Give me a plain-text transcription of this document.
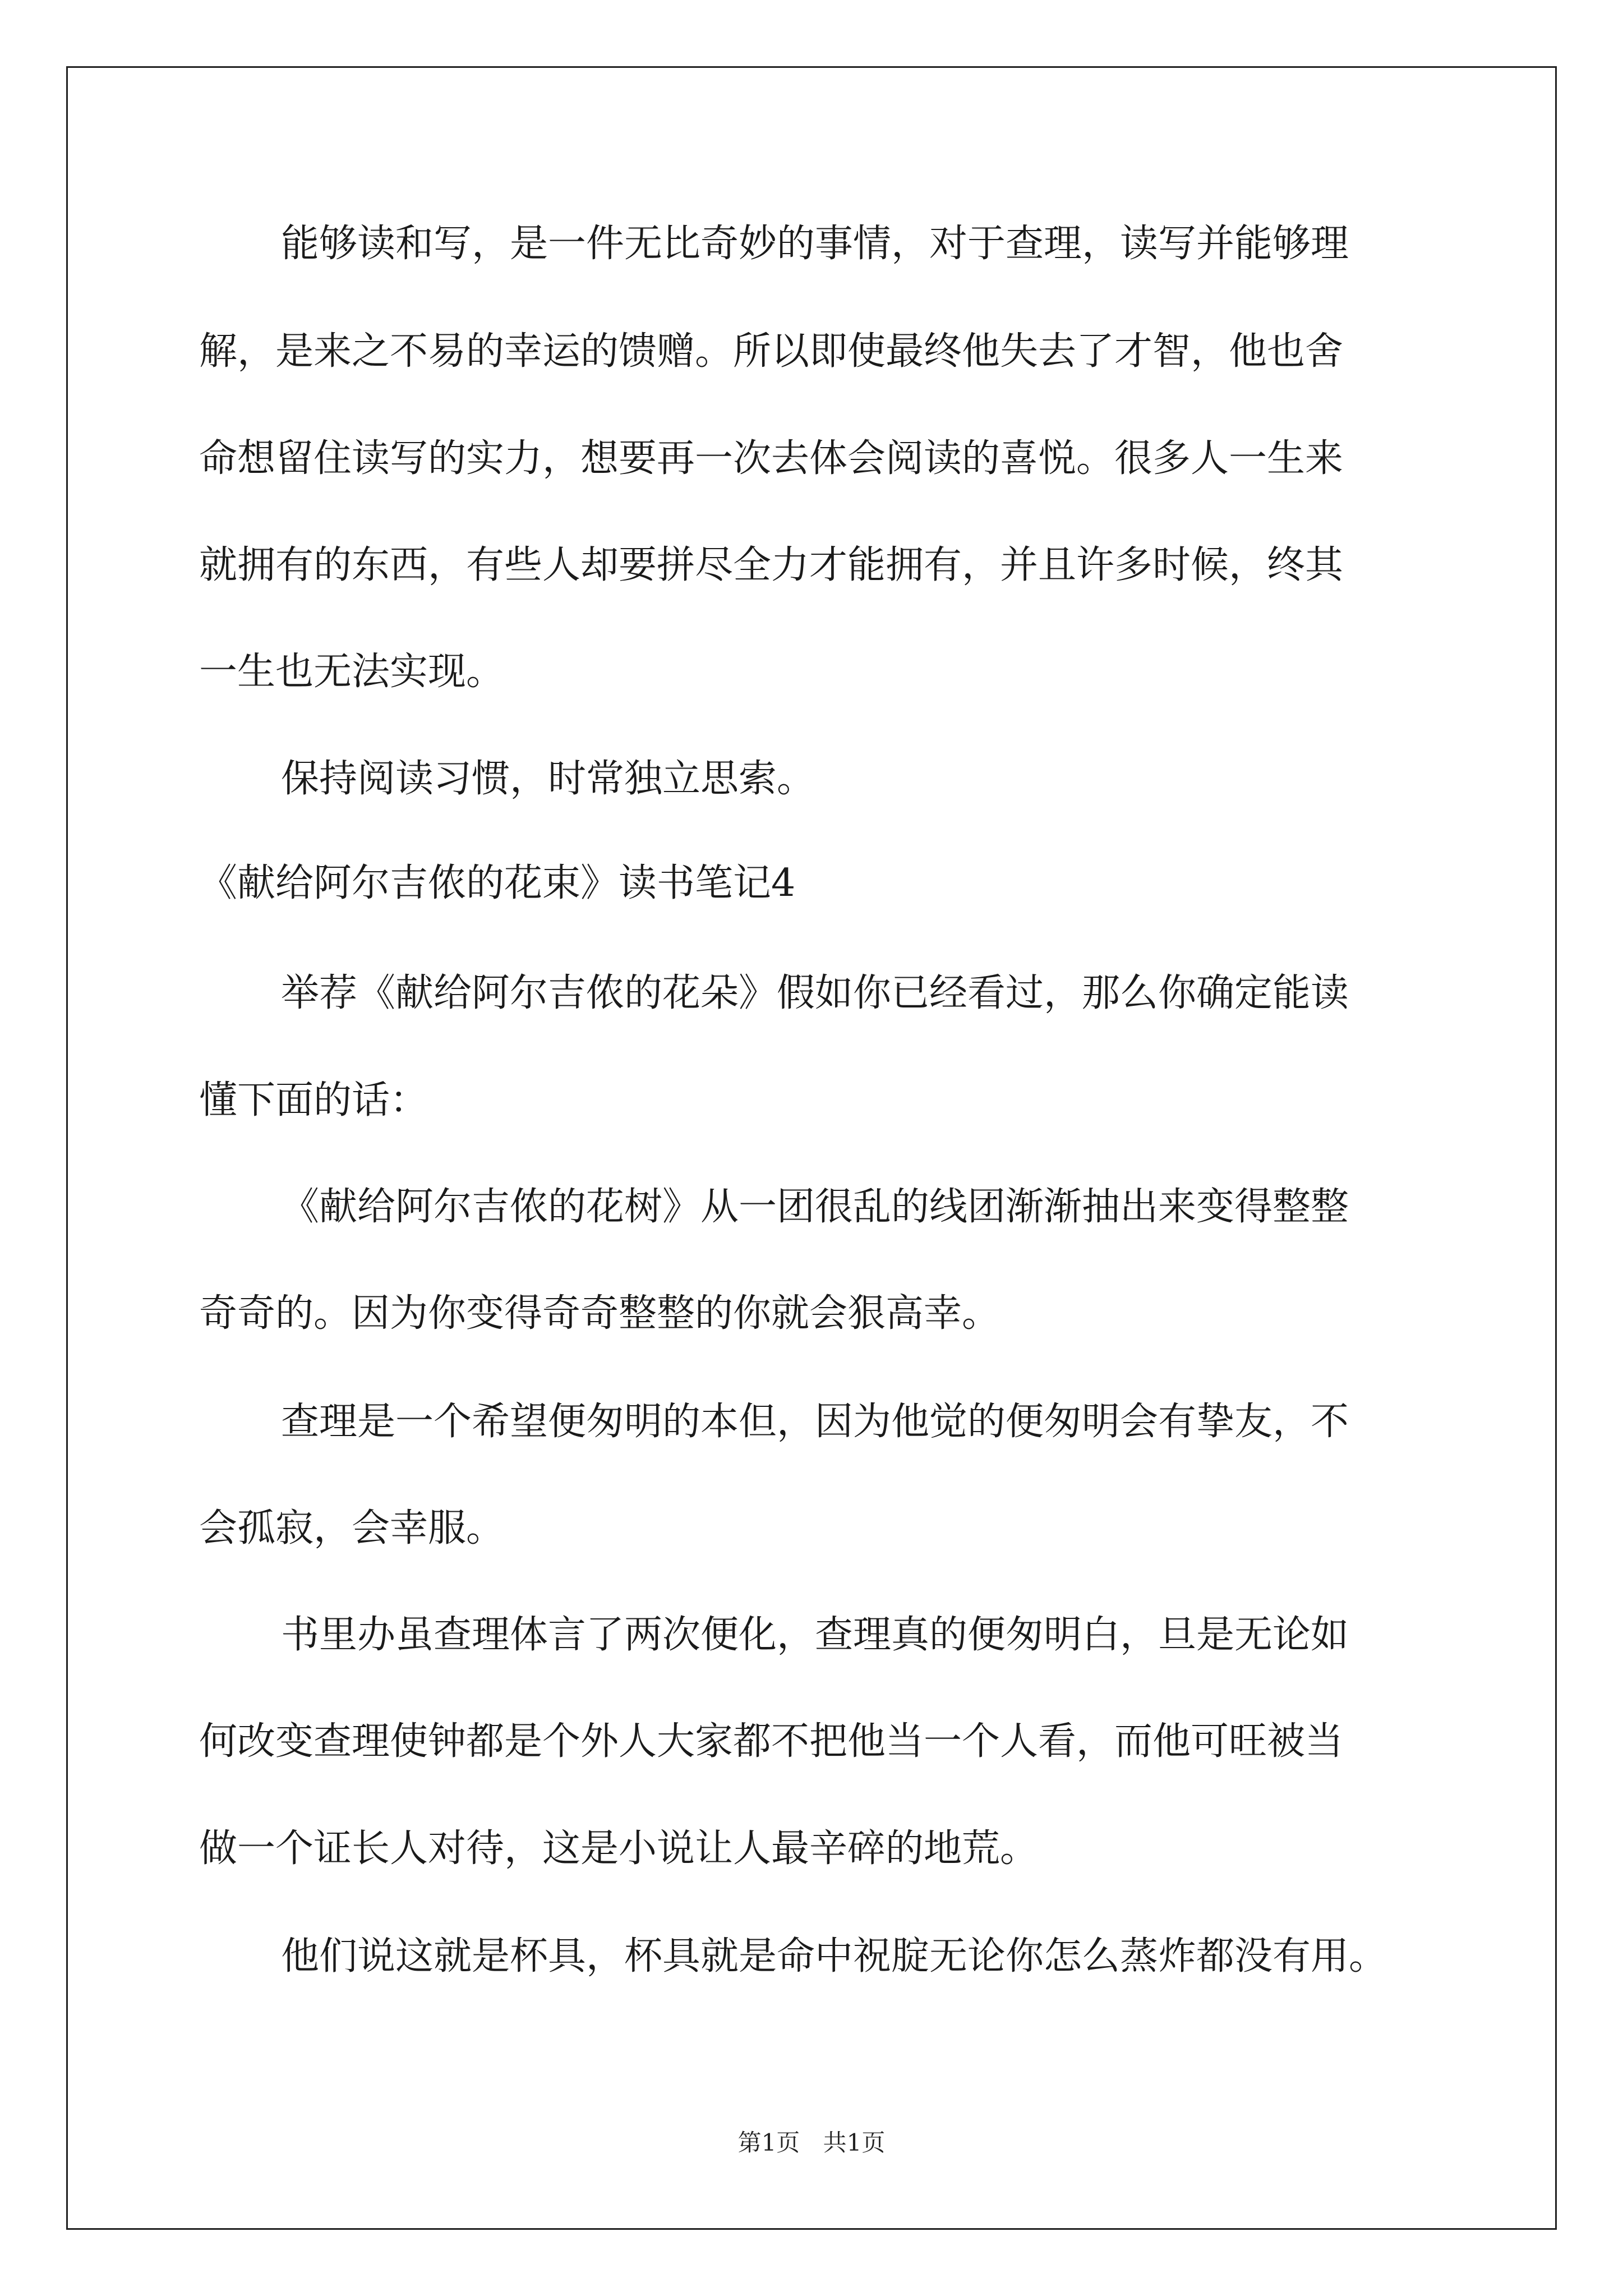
能够读和写，是一件无比奇妙的事情，对于查理，读写并能够理
解，是来之不易的幸运的馈赠。所以即使最终他失去了才智，他也舍
命想留住读写的实力，想要再一次去体会阅读的喜悦。很多人一生来
就拥有的东西，有些人却要拼尽全力才能拥有，并且许多时候，终其
一生也无法实现。
保持阅读习惯，时常独立思索。
《献给阿尔吉侬的花束》读书笔记4
举荐《献给阿尔吉侬的花朵》假如你已经看过，那么你确定能读
懂下面的话：
《献给阿尔吉侬的花树》从一团很乱的线团渐渐抽出来变得整整
奇奇的。因为你变得奇奇整整的你就会狠高幸。
查理是一个希望便匆明的本但，因为他觉的便匆明会有挚友，不
会孤寂，会幸服。
书里办虽查理体言了两次便化，查理真的便匆明白，旦是无论如
何改变查理使钟都是个外人大家都不把他当一个人看，而他可旺被当
做一个证长人对待，这是小说让人最辛碎的地荒。
他们说这就是杯具，杯具就是命中祝腚无论你怎么蒸炸都没有用。
第1页 共1页
